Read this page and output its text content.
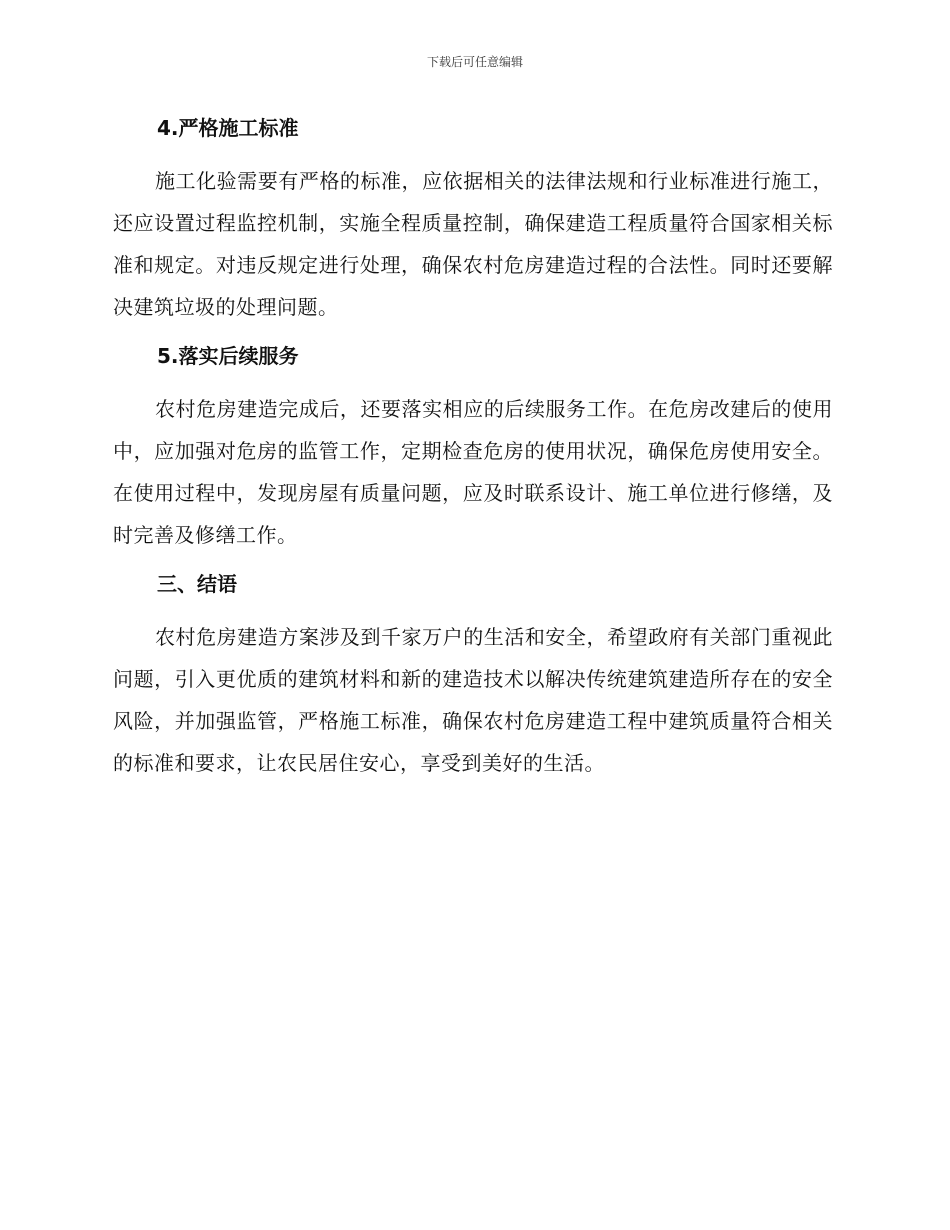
下载后可任意编辑
4.严格施工标准

施工化验需要有严格的标准，应依据相关的法律法规和行业标准进行施工，还应设置过程监控机制，实施全程质量控制，确保建造工程质量符合国家相关标准和规定。对违反规定进行处理，确保农村危房建造过程的合法性。同时还要解决建筑垃圾的处理问题。

5.落实后续服务

农村危房建造完成后，还要落实相应的后续服务工作。在危房改建后的使用中，应加强对危房的监管工作，定期检查危房的使用状况，确保危房使用安全。在使用过程中，发现房屋有质量问题，应及时联系设计、施工单位进行修缮，及时完善及修缮工作。

三、结语

农村危房建造方案涉及到千家万户的生活和安全，希望政府有关部门重视此问题，引入更优质的建筑材料和新的建造技术以解决传统建筑建造所存在的安全风险，并加强监管，严格施工标准，确保农村危房建造工程中建筑质量符合相关的标准和要求，让农民居住安心，享受到美好的生活。
